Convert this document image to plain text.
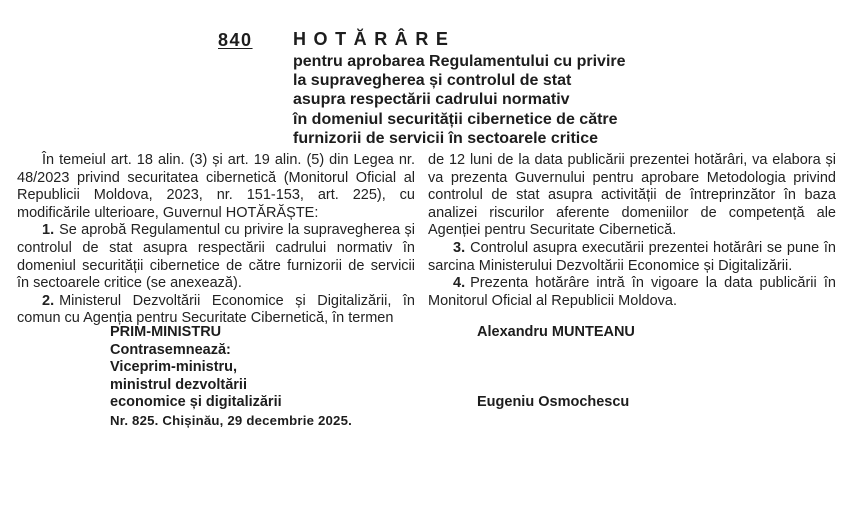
840 HOTĂRÂRE
pentru aprobarea Regulamentului cu privire
la supravegherea și controlul de stat
asupra respectării cadrului normativ
în domeniul securității cibernetice de către
furnizorii de servicii în sectoarele critice

În temeiul art. 18 alin. (3) și art. 19 alin. (5) din Legea nr. 48/2023 privind securitatea cibernetică (Monitorul Oficial al Republicii Moldova, 2023, nr. 151-153, art. 225), cu modificările ulterioare, Guvernul HOTĂRĂȘTE:

1. Se aprobă Regulamentul cu privire la supravegherea și controlul de stat asupra respectării cadrului normativ în domeniul securității cibernetice de către furnizorii de servicii în sectoarele critice (se anexează).

2. Ministerul Dezvoltării Economice și Digitalizării, în comun cu Agenția pentru Securitate Cibernetică, în termen

de 12 luni de la data publicării prezentei hotărâri, va elabora și va prezenta Guvernului pentru aprobare Metodologia privind controlul de stat asupra activității de întreprinzător în baza analizei riscurilor aferente domeniilor de competență ale Agenției pentru Securitate Cibernetică.

3. Controlul asupra executării prezentei hotărâri se pune în sarcina Ministerului Dezvoltării Economice și Digitalizării.

4. Prezenta hotărâre intră în vigoare la data publicării în Monitorul Oficial al Republicii Moldova.

PRIM-MINISTRU
Contrasemnează:
Viceprim-ministru,
ministrul dezvoltării
economice și digitalizării
Alexandru MUNTEANU
Eugeniu Osmochescu
Nr. 825. Chișinău, 29 decembrie 2025.
